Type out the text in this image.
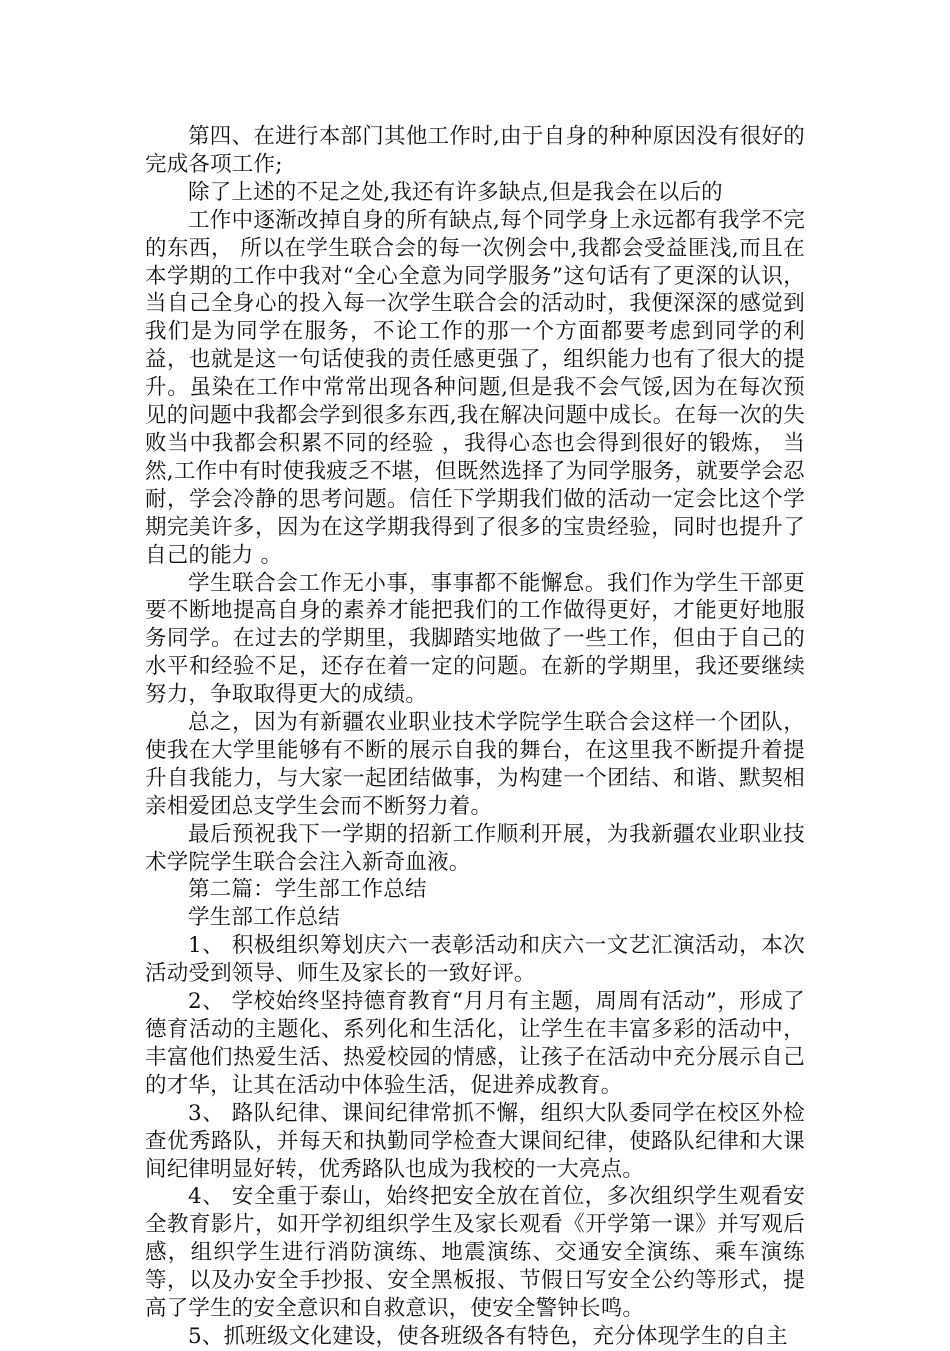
第四、在进行本部门其他工作时,由于自身的种种原因没有很好的完成各项工作;

除了上述的不足之处,我还有许多缺点,但是我会在以后的

工作中逐渐改掉自身的所有缺点,每个同学身上永远都有我学不完的东西， 所以在学生联合会的每一次例会中,我都会受益匪浅,而且在本学期的工作中我对“全心全意为同学服务”这句话有了更深的认识，当自己全身心的投入每一次学生联合会的活动时，我便深深的感觉到我们是为同学在服务，不论工作的那一个方面都要考虑到同学的利益，也就是这一句话使我的责任感更强了，组织能力也有了很大的提升。虽染在工作中常常出现各种问题,但是我不会气馁,因为在每次预见的问题中我都会学到很多东西,我在解决问题中成长。在每一次的失败当中我都会积累不同的经验 ，我得心态也会得到很好的锻炼， 当然,工作中有时使我疲乏不堪，但既然选择了为同学服务，就要学会忍耐，学会冷静的思考问题。信任下学期我们做的活动一定会比这个学期完美许多，因为在这学期我得到了很多的宝贵经验，同时也提升了自己的能力 。

学生联合会工作无小事，事事都不能懈怠。我们作为学生干部更要不断地提高自身的素养才能把我们的工作做得更好，才能更好地服务同学。在过去的学期里，我脚踏实地做了一些工作，但由于自己的水平和经验不足，还存在着一定的问题。在新的学期里，我还要继续努力，争取取得更大的成绩。

总之，因为有新疆农业职业技术学院学生联合会这样一个团队，使我在大学里能够有不断的展示自我的舞台，在这里我不断提升着提升自我能力，与大家一起团结做事，为构建一个团结、和谐、默契相亲相爱团总支学生会而不断努力着。

最后预祝我下一学期的招新工作顺利开展，为我新疆农业职业技术学院学生联合会注入新奇血液。

第二篇：学生部工作总结

学生部工作总结

1、 积极组织筹划庆六一表彰活动和庆六一文艺汇演活动，本次活动受到领导、师生及家长的一致好评。

2、 学校始终坚持德育教育“月月有主题，周周有活动”，形成了德育活动的主题化、系列化和生活化，让学生在丰富多彩的活动中，丰富他们热爱生活、热爱校园的情感，让孩子在活动中充分展示自己的才华，让其在活动中体验生活，促进养成教育。

3、 路队纪律、课间纪律常抓不懈，组织大队委同学在校区外检查优秀路队，并每天和执勤同学检查大课间纪律，使路队纪律和大课间纪律明显好转，优秀路队也成为我校的一大亮点。

4、 安全重于泰山，始终把安全放在首位，多次组织学生观看安全教育影片，如开学初组织学生及家长观看《开学第一课》并写观后感，组织学生进行消防演练、地震演练、交通安全演练、乘车演练等，以及办安全手抄报、安全黑板报、节假日写安全公约等形式，提高了学生的安全意识和自救意识，使安全警钟长鸣。

5、抓班级文化建设，使各班级各有特色，充分体现学生的自主
